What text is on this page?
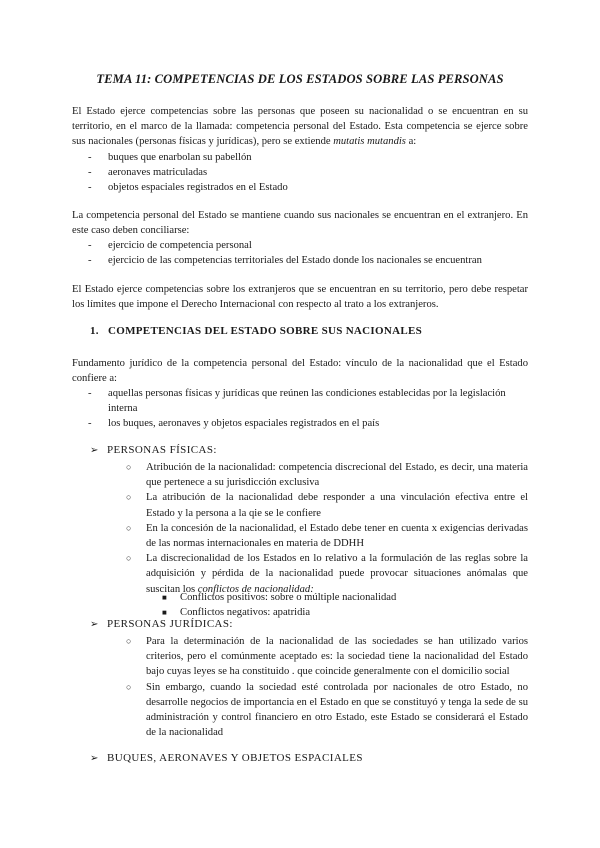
TEMA 11: COMPETENCIAS DE LOS ESTADOS SOBRE LAS PERSONAS
El Estado ejerce competencias sobre las personas que poseen su nacionalidad o se encuentran en su territorio, en el marco de la llamada: competencia personal del Estado. Esta competencia se ejerce sobre sus nacionales (personas físicas y jurídicas), pero se extiende mutatis mutandis a:
- buques que enarbolan su pabellón
- aeronaves matriculadas
- objetos espaciales registrados en el Estado
La competencia personal del Estado se mantiene cuando sus nacionales se encuentran en el extranjero. En este caso deben conciliarse:
- ejercicio de competencia personal
- ejercicio de las competencias territoriales del Estado donde los nacionales se encuentran
El Estado ejerce competencias sobre los extranjeros que se encuentran en su territorio, pero debe respetar los límites que impone el Derecho Internacional con respecto al trato a los extranjeros.
1. COMPETENCIAS DEL ESTADO SOBRE SUS NACIONALES
Fundamento jurídico de la competencia personal del Estado: vínculo de la nacionalidad que el Estado confiere a:
- aquellas personas físicas y jurídicas que reúnen las condiciones establecidas por la legislación interna
- los buques, aeronaves y objetos espaciales registrados en el país
➢ PERSONAS FÍSICAS:
○ Atribución de la nacionalidad: competencia discrecional del Estado, es decir, una materia que pertenece a su jurisdicción exclusiva
○ La atribución de la nacionalidad debe responder a una vinculación efectiva entre el Estado y la persona a la qie se le confiere
○ En la concesión de la nacionalidad, el Estado debe tener en cuenta x exigencias derivadas de las normas internacionales en materia de DDHH
○ La discrecionalidad de los Estados en lo relativo a la formulación de las reglas sobre la adquisición y pérdida de la nacionalidad puede provocar situaciones anómalas que suscitan los conflictos de nacionalidad:
■ Conflictos positivos: sobre o múltiple nacionalidad
■ Conflictos negativos: apatridia
➢ PERSONAS JURÍDICAS:
○ Para la determinación de la nacionalidad de las sociedades se han utilizado varios criterios, pero el comúnmente aceptado es: la sociedad tiene la nacionalidad del Estado bajo cuyas leyes se ha constituido . que coincide generalmente con el domicilio social
○ Sin embargo, cuando la sociedad esté controlada por nacionales de otro Estado, no desarrolle negocios de importancia en el Estado en que se constituyó y tenga la sede de su administración y control financiero en otro Estado, este Estado se considerará el Estado de la nacionalidad
➢ BUQUES, AERONAVES Y OBJETOS ESPACIALES
